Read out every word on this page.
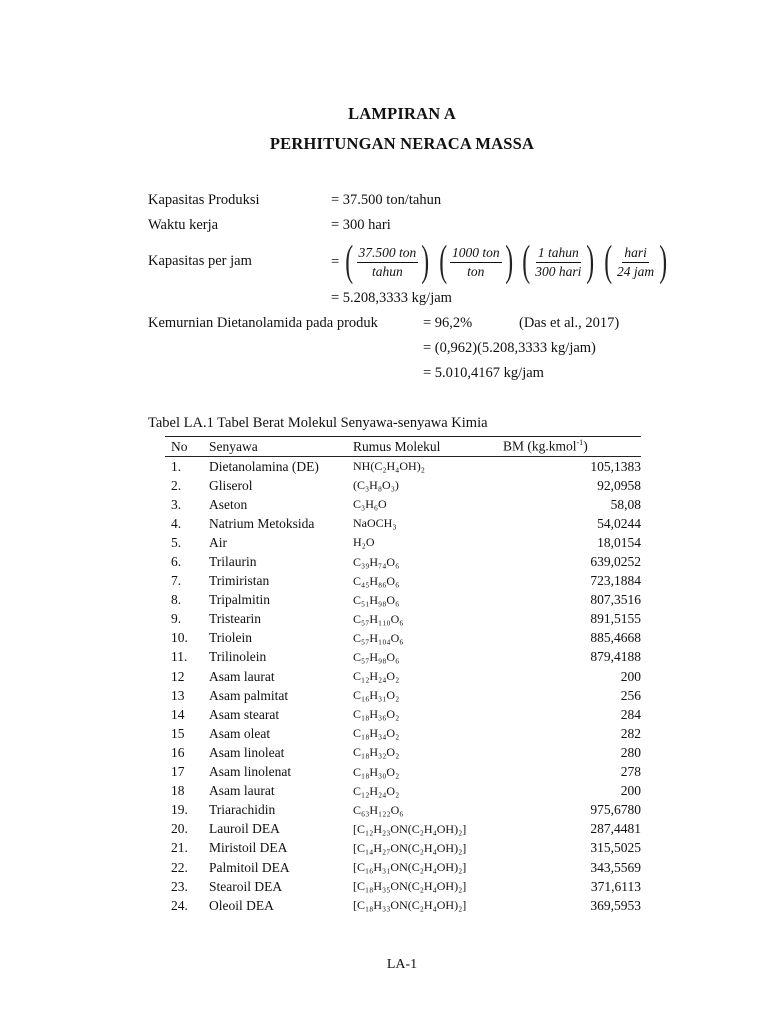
LAMPIRAN A
PERHITUNGAN NERACA MASSA
Kapasitas Produksi	= 37.500 ton/tahun
Waktu kerja	= 300 hari
Kapasitas per jam	= ( $\frac{\text{37.500 ton}}{\text{tahun}}$ ) ( $\frac{\text{1000 ton}}{\text{ton}}$ ) ( $\frac{\text{1 tahun}}{\text{300 hari}}$ ) ( $\frac{\text{hari}}{\text{24 jam}}$ )
= 5.208,3333 kg/jam
Kemurnian Dietanolamida pada produk	= 96,2%	(Das et al., 2017)
= (0,962)(5.208,3333 kg/jam)
= 5.010,4167 kg/jam
Tabel LA.1 Tabel Berat Molekul Senyawa-senyawa Kimia
No	Senyawa	Rumus Molekul	BM (kg.kmol$^{-1}$)
1.	Dietanolamina (DE)	NH(C₂H₄OH)₂	105,1383
2.	Gliserol	(C₃H₈O₃)	92,0958
3.	Aseton	C₃H₆O	58,08
4.	Natrium Metoksida	NaOCH₃	54,0244
5.	Air	H₂O	18,0154
6.	Trilaurin	C₃₉H₇₄O₆	639,0252
7.	Trimiristan	C₄₅H₈₆O₆	723,1884
8.	Tripalmitin	C₅₁H₉₈O₆	807,3516
9.	Tristearin	C₅₇H₁₁₀O₆	891,5155
10.	Triolein	C₅₇H₁₀₄O₆	885,4668
11.	Trilinolein	C₅₇H₉₈O₆	879,4188
12	Asam laurat	C₁₂H₂₄O₂	200
13	Asam palmitat	C₁₆H₃₁O₂	256
14	Asam stearat	C₁₈H₃₆O₂	284
15	Asam oleat	C₁₈H₃₄O₂	282
16	Asam linoleat	C₁₈H₃₂O₂	280
17	Asam linolenat	C₁₈H₃₀O₂	278
18	Asam laurat	C₁₂H₂₄O₂	200
19.	Triarachidin	C₆₃H₁₂₂O₆	975,6780
20.	Lauroil DEA	[C₁₂H₂₃ON(C₂H₄OH)₂]	287,4481
21.	Miristoil DEA	[C₁₄H₂₇ON(C₂H₄OH)₂]	315,5025
22.	Palmitoil DEA	[C₁₆H₃₁ON(C₂H₄OH)₂]	343,5569
23.	Stearoil DEA	[C₁₈H₃₅ON(C₂H₄OH)₂]	371,6113
24.	Oleoil DEA	[C₁₈H₃₃ON(C₂H₄OH)₂]	369,5953
LA-1
